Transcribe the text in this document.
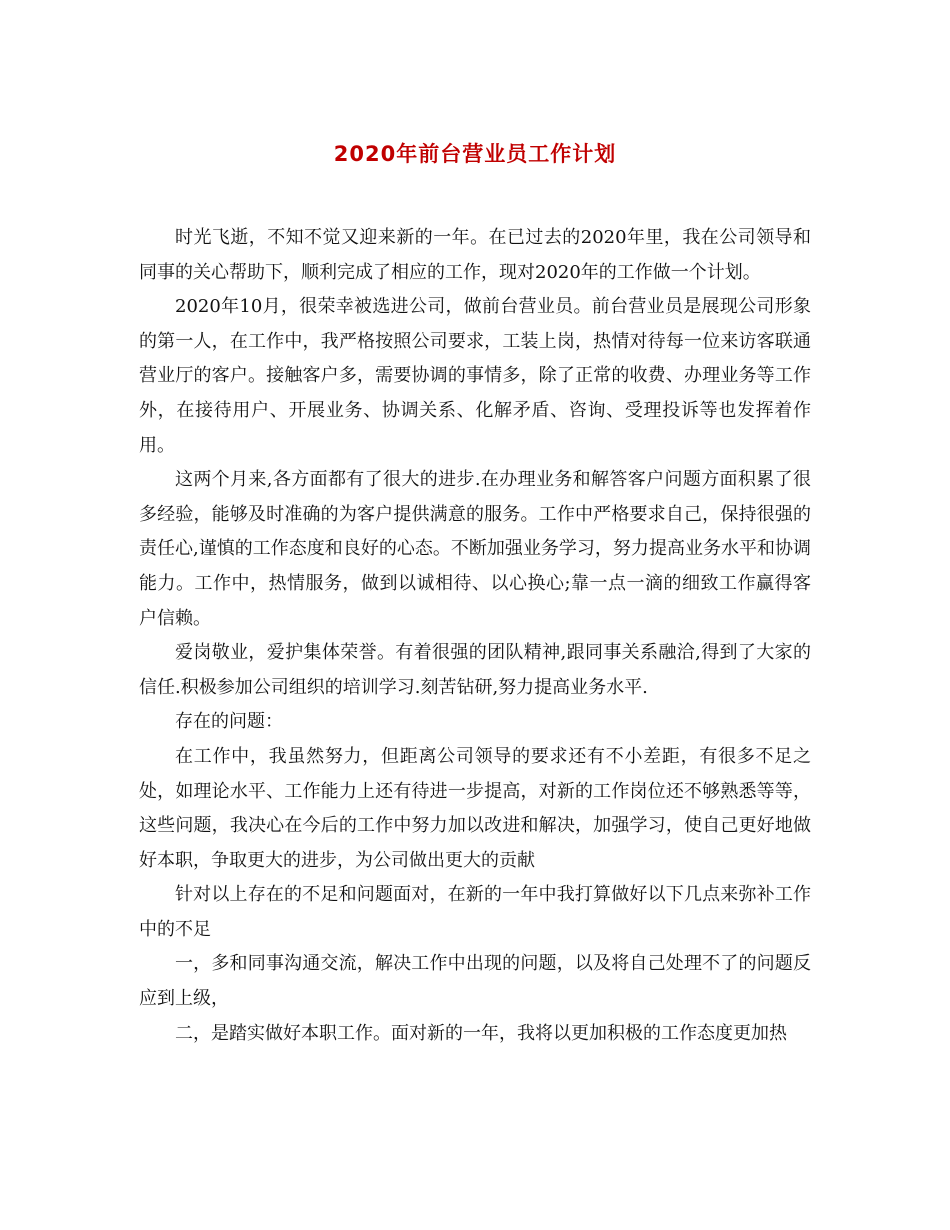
2020年前台营业员工作计划

时光飞逝，不知不觉又迎来新的一年。在已过去的2020年里，我在公司领导和同事的关心帮助下，顺利完成了相应的工作，现对2020年的工作做一个计划。

2020年10月，很荣幸被选进公司，做前台营业员。前台营业员是展现公司形象的第一人，在工作中，我严格按照公司要求，工装上岗，热情对待每一位来访客联通营业厅的客户。接触客户多，需要协调的事情多，除了正常的收费、办理业务等工作外，在接待用户、开展业务、协调关系、化解矛盾、咨询、受理投诉等也发挥着作用。

这两个月来,各方面都有了很大的进步.在办理业务和解答客户问题方面积累了很多经验，能够及时准确的为客户提供满意的服务。工作中严格要求自己，保持很强的责任心,谨慎的工作态度和良好的心态。不断加强业务学习，努力提高业务水平和协调能力。工作中，热情服务，做到以诚相待、以心换心;靠一点一滴的细致工作赢得客户信赖。

爱岗敬业，爱护集体荣誉。有着很强的团队精神,跟同事关系融洽,得到了大家的信任.积极参加公司组织的培训学习.刻苦钻研,努力提高业务水平.

存在的问题：

在工作中，我虽然努力，但距离公司领导的要求还有不小差距，有很多不足之处，如理论水平、工作能力上还有待进一步提高，对新的工作岗位还不够熟悉等等，这些问题，我决心在今后的工作中努力加以改进和解决，加强学习，使自己更好地做好本职，争取更大的进步，为公司做出更大的贡献

针对以上存在的不足和问题面对，在新的一年中我打算做好以下几点来弥补工作中的不足

一，多和同事沟通交流，解决工作中出现的问题，以及将自己处理不了的问题反应到上级，

二，是踏实做好本职工作。面对新的一年，我将以更加积极的工作态度更加热
